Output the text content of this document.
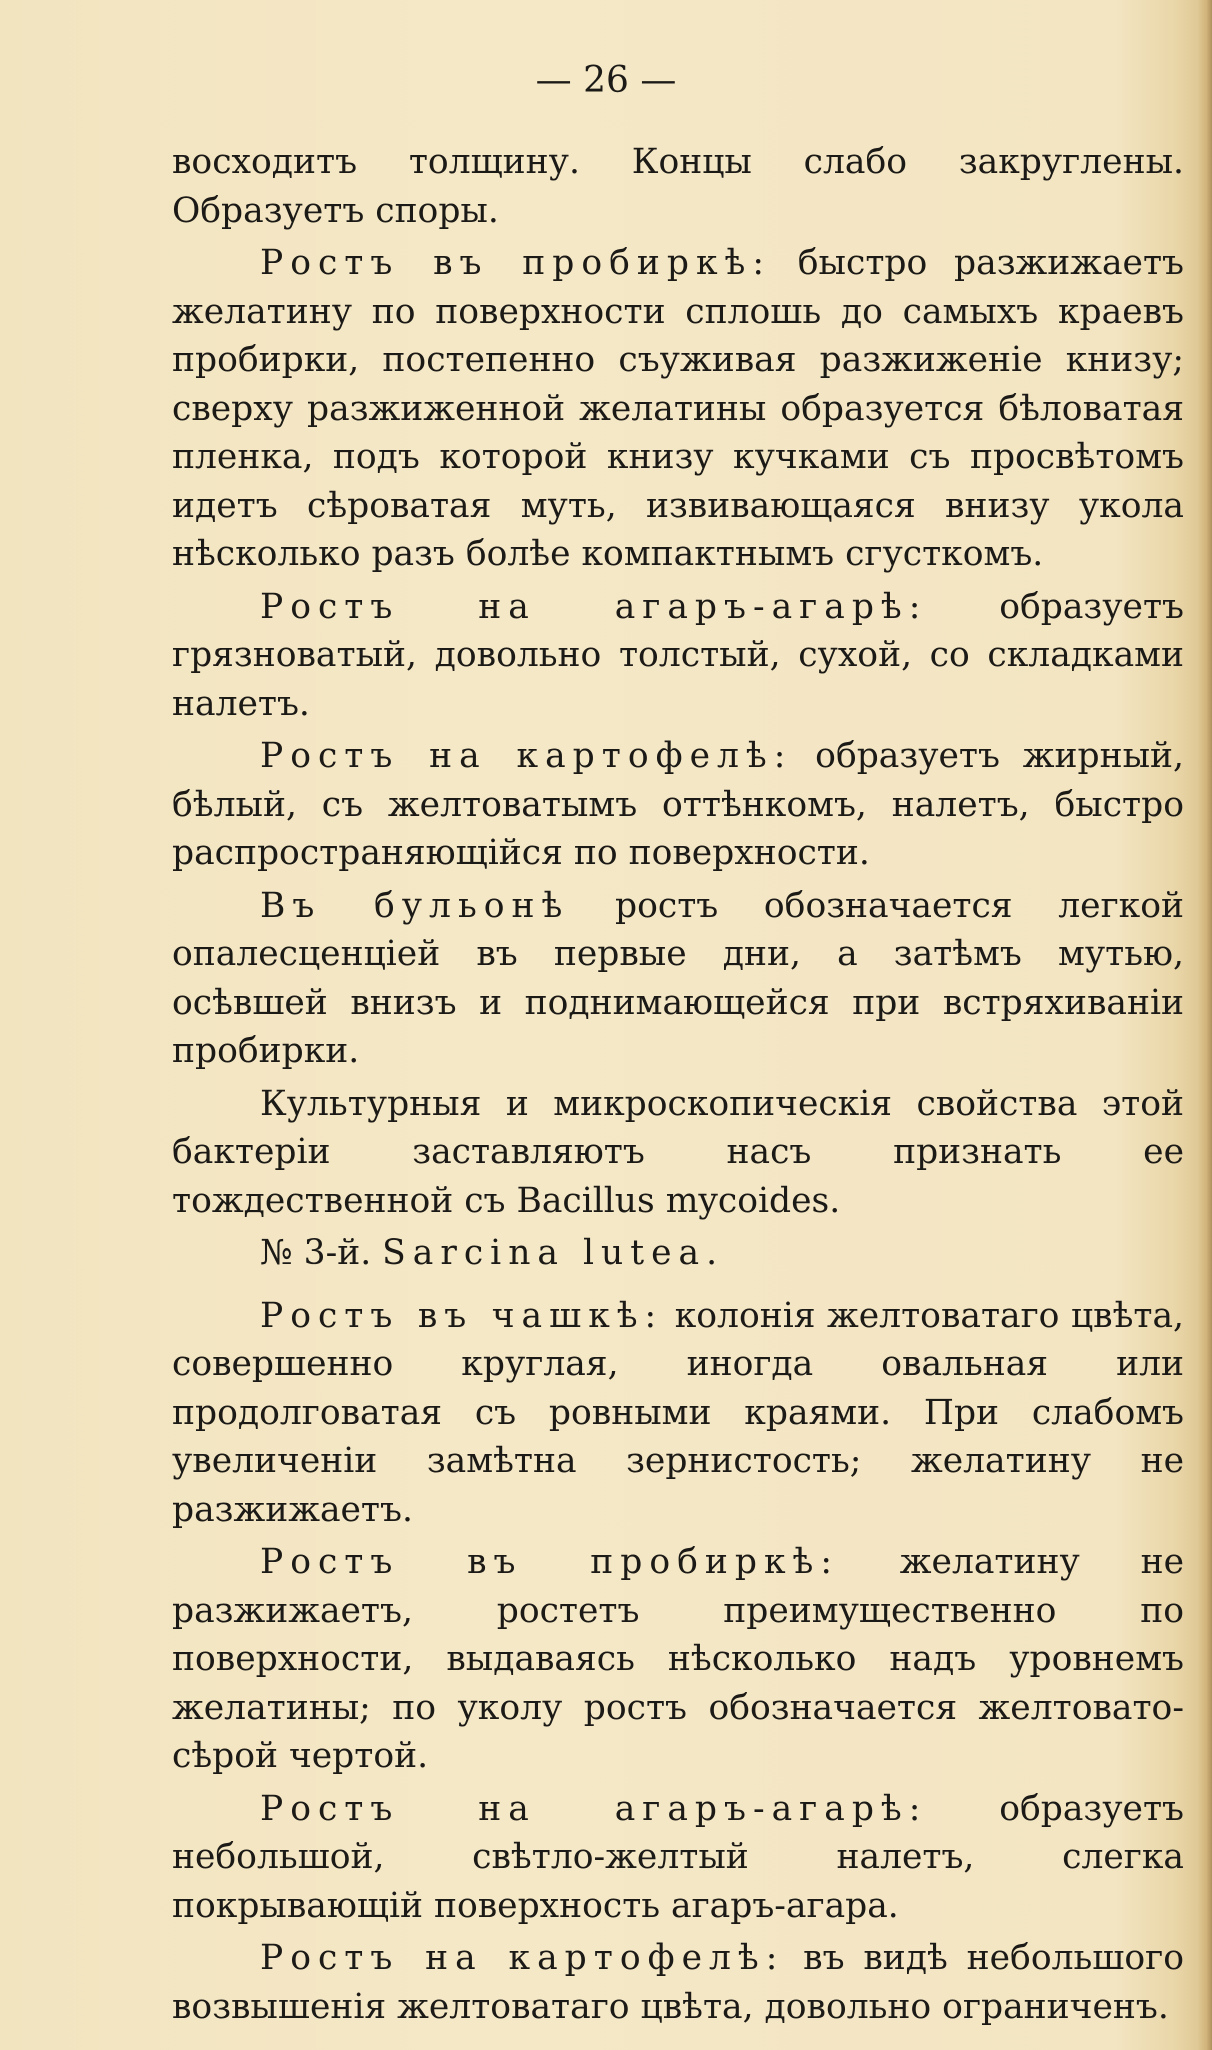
— 26 —

восходитъ толщину. Концы слабо закруглены. Образуетъ споры.

Ростъ въ пробиркѣ: быстро разжижаетъ желатину по поверхности сплошь до самыхъ краевъ пробирки, постепенно съуживая разжиженіе книзу; сверху разжиженной желатины образуется бѣловатая пленка, подъ которой книзу кучками съ просвѣтомъ идетъ сѣроватая муть, извивающаяся внизу укола нѣсколько разъ болѣе компактнымъ сгусткомъ.

Ростъ на агаръ-агарѣ: образуетъ грязноватый, довольно толстый, сухой, со складками налетъ.

Ростъ на картофелѣ: образуетъ жирный, бѣлый, съ желтоватымъ оттѣнкомъ, налетъ, быстро распространяющійся по поверхности.

Въ бульонѣ ростъ обозначается легкой опалесценціей въ первые дни, а затѣмъ мутью, осѣвшей внизъ и поднимающейся при встряхиваніи пробирки.

Культурныя и микроскопическія свойства этой бактеріи заставляютъ насъ признать ее тождественной съ Bacillus mycoides.

№ 3-й. Sarcina lutea.

Ростъ въ чашкѣ: колонія желтоватаго цвѣта, совершенно круглая, иногда овальная или продолговатая съ ровными краями. При слабомъ увеличеніи замѣтна зернистость; желатину не разжижаетъ.

Ростъ въ пробиркѣ: желатину не разжижаетъ, ростетъ преимущественно по поверхности, выдаваясь нѣсколько надъ уровнемъ желатины; по уколу ростъ обозначается желтовато-сѣрой чертой.

Ростъ на агаръ-агарѣ: образуетъ небольшой, свѣтло-желтый налетъ, слегка покрывающій поверхность агаръ-агара.

Ростъ на картофелѣ: въ видѣ небольшого возвышенія желтоватаго цвѣта, довольно ограниченъ.
